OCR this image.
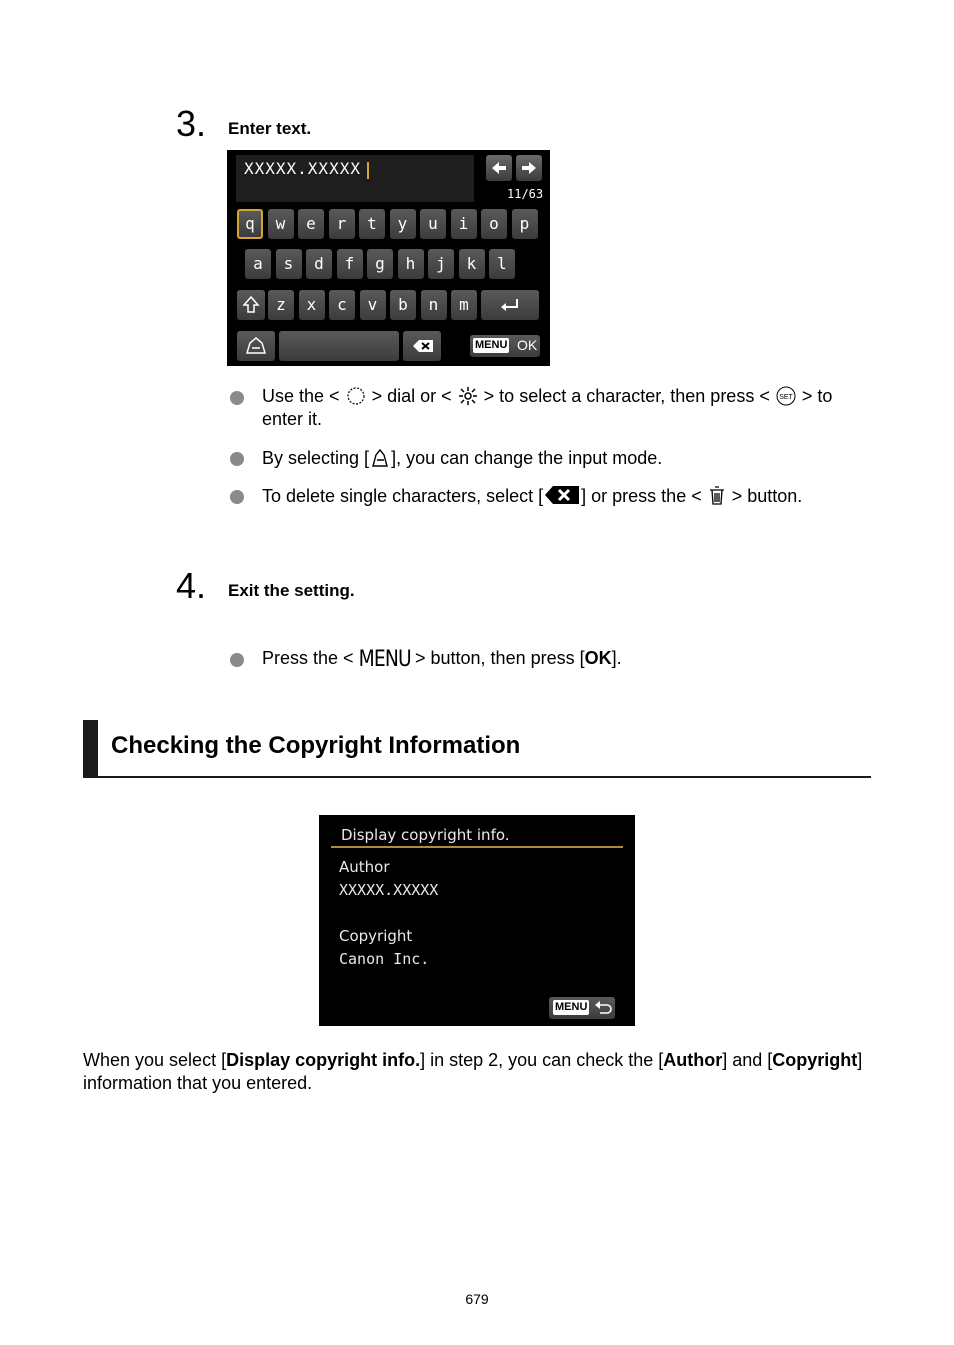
3. Enter text.
XXXXX.XXXXX
11/63
q	w	e	r	t	y	u	i	o	p
a	s	d	f	g	h	j	k	l
z	x	c	v	b	n	m
MENU OK
Use the < > dial or < > to select a character, then press < SET > to enter it.
By selecting [ ], you can change the input mode.
To delete single characters, select [ ] or press the < > button.
4. Exit the setting.
Press the < MENU > button, then press [OK].
Checking the Copyright Information
Display copyright info.
Author
XXXXX.XXXXX
Copyright
Canon Inc.
MENU
When you select [Display copyright info.] in step 2, you can check the [Author] and [Copyright] information that you entered.
679
